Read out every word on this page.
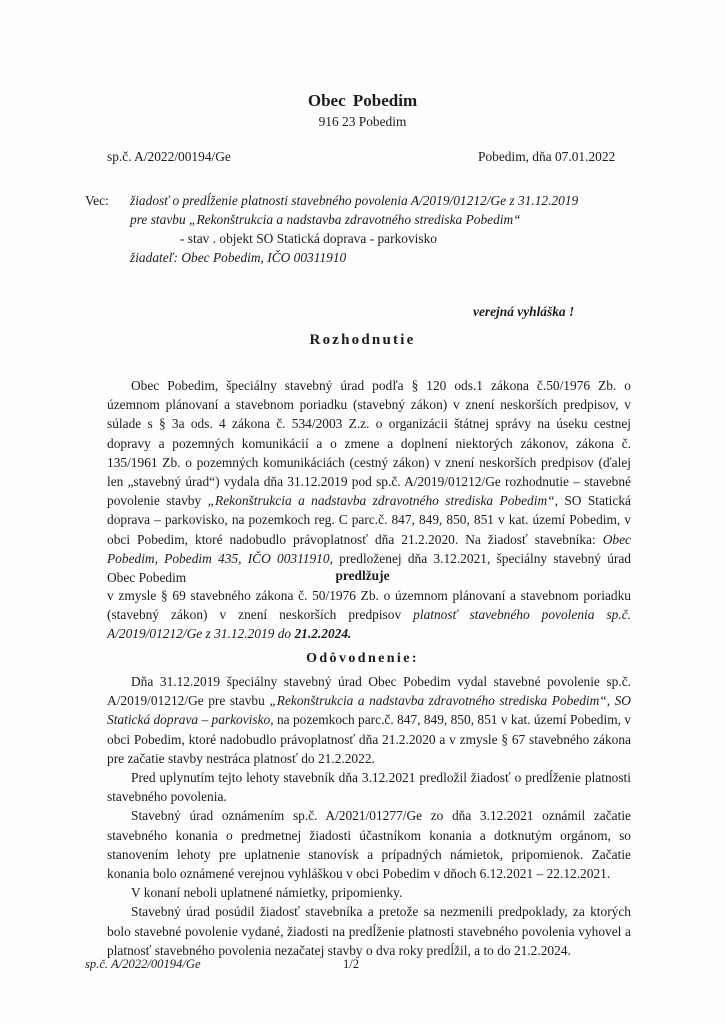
Obec Pobedim
916 23 Pobedim
sp.č. A/2022/00194/Ge	Pobedim, dňa 07.01.2022
Vec: žiadosť o predĺženie platnosti stavebného povolenia A/2019/01212/Ge z 31.12.2019
pre stavbu „Rekonštrukcia a nadstavba zdravotného strediska Pobedim“
- stav . objekt SO Statická doprava - parkovisko
žiadateľ: Obec Pobedim, IČO 00311910
verejná vyhláška !
Rozhodnutie

Obec Pobedim, špeciálny stavebný úrad podľa § 120 ods.1 zákona č.50/1976 Zb. o územnom plánovaní a stavebnom poriadku (stavebný zákon) v znení neskorších predpisov, v súlade s § 3a ods. 4 zákona č. 534/2003 Z.z. o organizácii štátnej správy na úseku cestnej dopravy a pozemných komunikácií a o zmene a doplnení niektorých zákonov, zákona č. 135/1961 Zb. o pozemných komunikáciách (cestný zákon) v znení neskorších predpisov (ďalej len „stavebný úrad“) vydala dňa 31.12.2019 pod sp.č. A/2019/01212/Ge rozhodnutie – stavebné povolenie stavby „Rekonštrukcia a nadstavba zdravotného strediska Pobedim“, SO Statická doprava – parkovisko, na pozemkoch reg. C parc.č. 847, 849, 850, 851 v kat. území Pobedim, v obci Pobedim, ktoré nadobudlo právoplatnosť dňa 21.2.2020. Na žiadosť stavebníka: Obec Pobedim, Pobedim 435, IČO 00311910, predloženej dňa 3.12.2021, špeciálny stavebný úrad Obec Pobedim	predlžuje

v zmysle § 69 stavebného zákona č. 50/1976 Zb. o územnom plánovaní a stavebnom poriadku (stavebný zákon) v znení neskorších predpisov platnosť stavebného povolenia sp.č. A/2019/01212/Ge z 31.12.2019 do 21.2.2024.

Odôvodnenie:

Dňa 31.12.2019 špeciálny stavebný úrad Obec Pobedim vydal stavebné povolenie sp.č. A/2019/01212/Ge pre stavbu „Rekonštrukcia a nadstavba zdravotného strediska Pobedim“, SO Statická doprava – parkovisko, na pozemkoch parc.č. 847, 849, 850, 851 v kat. území Pobedim, v obci Pobedim, ktoré nadobudlo právoplatnosť dňa 21.2.2020 a v zmysle § 67 stavebného zákona pre začatie stavby nestráca platnosť do 21.2.2022.

Pred uplynutím tejto lehoty stavebník dňa 3.12.2021 predložil žiadosť o predĺženie platnosti stavebného povolenia.

Stavebný úrad oznámením sp.č. A/2021/01277/Ge zo dňa 3.12.2021 oznámil začatie stavebného konania o predmetnej žiadosti účastníkom konania a dotknutým orgánom, so stanovením lehoty pre uplatnenie stanovísk a prípadných námietok, pripomienok. Začatie konania bolo oznámené verejnou vyhláškou v obci Pobedim v dňoch 6.12.2021 – 22.12.2021.

V konaní neboli uplatnené námietky, pripomienky.

Stavebný úrad posúdil žiadosť stavebníka a pretože sa nezmenili predpoklady, za ktorých bolo stavebné povolenie vydané, žiadosti na predĺženie platnosti stavebného povolenia vyhovel a platnosť stavebného povolenia nezačatej stavby o dva roky predĺžil, a to do 21.2.2024.

sp.č. A/2022/00194/Ge	1/2
